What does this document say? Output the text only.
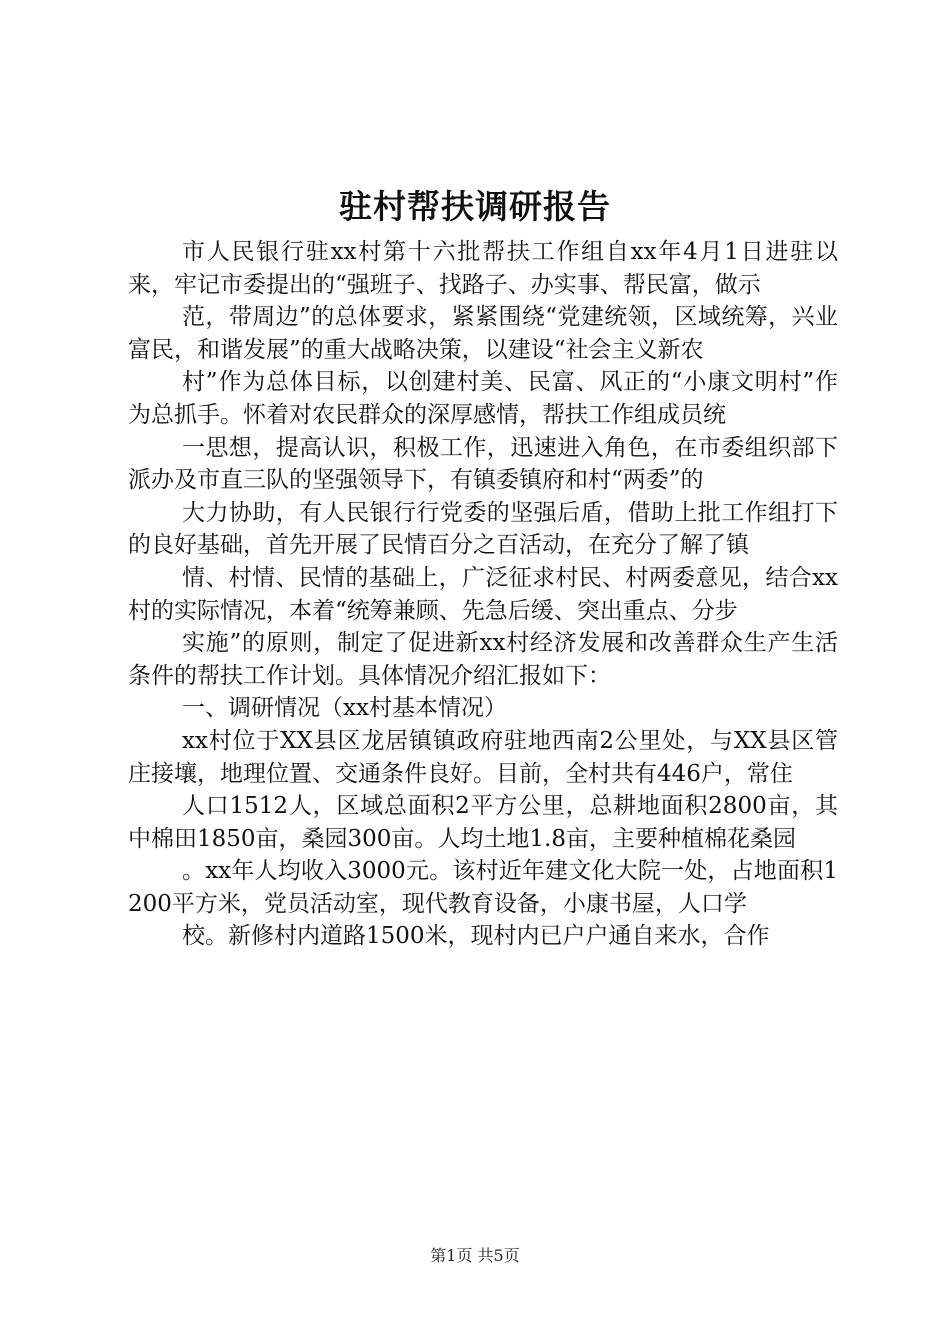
驻村帮扶调研报告

市人民银行驻xx村第十六批帮扶工作组自xx年4月1日进驻以来，牢记市委提出的“强班子、找路子、办实事、帮民富，做示

范，带周边”的总体要求，紧紧围绕“党建统领，区域统筹，兴业富民，和谐发展”的重大战略决策，以建设“社会主义新农

村”作为总体目标，以创建村美、民富、风正的“小康文明村”作为总抓手。怀着对农民群众的深厚感情，帮扶工作组成员统

一思想，提高认识，积极工作，迅速进入角色，在市委组织部下派办及市直三队的坚强领导下，有镇委镇府和村“两委”的

大力协助，有人民银行行党委的坚强后盾，借助上批工作组打下的良好基础，首先开展了民情百分之百活动，在充分了解了镇

情、村情、民情的基础上，广泛征求村民、村两委意见，结合xx村的实际情况，本着“统筹兼顾、先急后缓、突出重点、分步

实施”的原则，制定了促进新xx村经济发展和改善群众生产生活条件的帮扶工作计划。具体情况介绍汇报如下：

一、调研情况（xx村基本情况）

xx村位于XX县区龙居镇镇政府驻地西南2公里处，与XX县区管庄接壤，地理位置、交通条件良好。目前，全村共有446户，常住

人口1512人，区域总面积2平方公里，总耕地面积2800亩，其中棉田1850亩，桑园300亩。人均土地1.8亩，主要种植棉花桑园

。xx年人均收入3000元。该村近年建文化大院一处，占地面积1200平方米，党员活动室，现代教育设备，小康书屋，人口学

校。新修村内道路1500米，现村内已户户通自来水，合作

第1页 共5页
